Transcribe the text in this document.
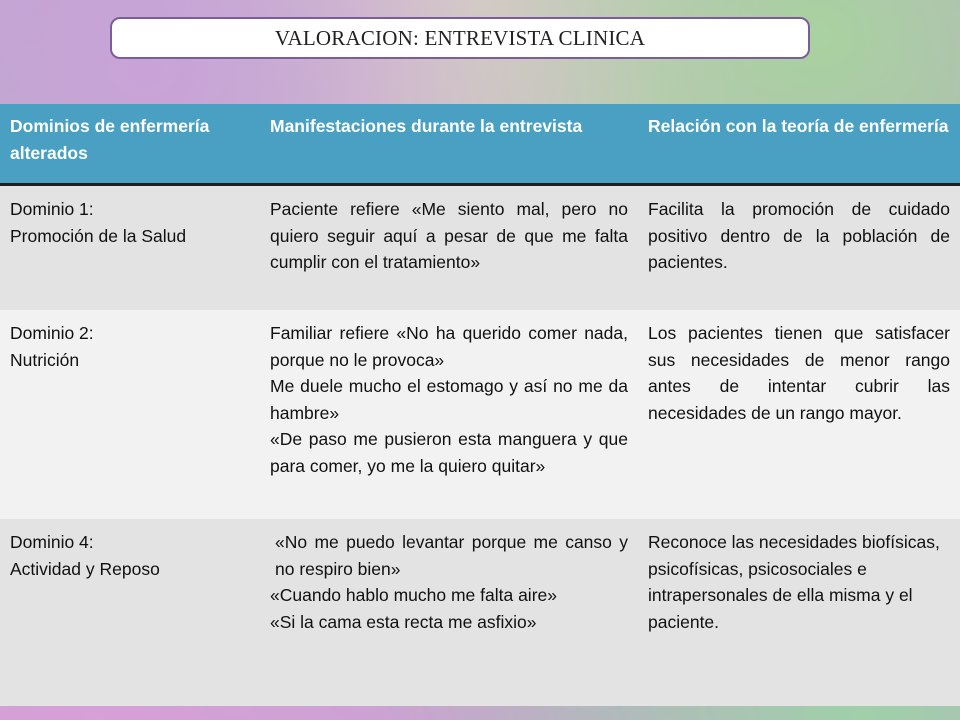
VALORACION: ENTREVISTA CLINICA
Dominios de enfermería alterados
Manifestaciones durante la entrevista	Relación con la teoría de enfermería
Dominio 1:
Promoción de la Salud
Paciente refiere «Me siento mal, pero no quiero seguir aquí a pesar de que me falta cumplir con el tratamiento»
Facilita la promoción de cuidado positivo dentro de la población de pacientes.
Dominio 2:
Nutrición
Familiar refiere «No ha querido comer nada, porque no le provoca»
Me duele mucho el estomago y así no me da hambre»
«De paso me pusieron esta manguera y que para comer, yo me la quiero quitar»
Los pacientes tienen que satisfacer sus necesidades de menor rango antes de intentar cubrir las necesidades de un rango mayor.
Dominio 4:
Actividad y Reposo
«No me puedo levantar porque me canso y no respiro bien»
«Cuando hablo mucho me falta aire»
«Si la cama esta recta me asfixio»
Reconoce las necesidades biofísicas, psicofísicas, psicosociales e intrapersonales de ella misma y el paciente.
